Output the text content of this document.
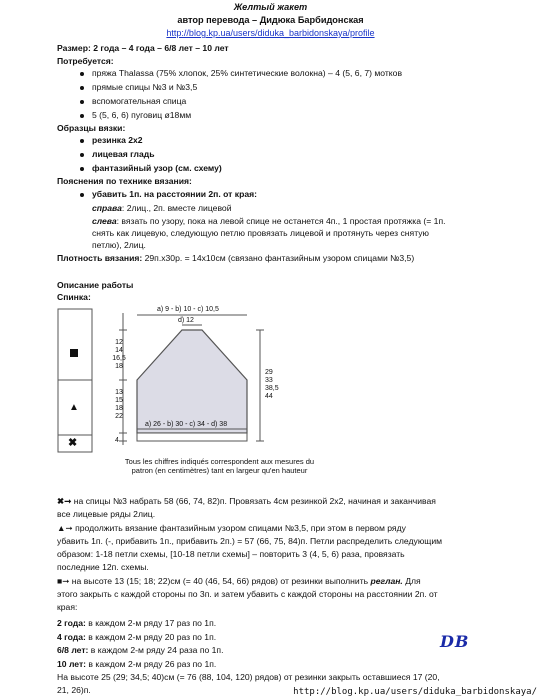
Желтый жакет
автор перевода – Дидюка Барбидонская
http://blog.kp.ua/users/diduka_barbidonskaya/profile
Размер: 2 года – 4 года – 6/8 лет – 10 лет
Потребуется:
пряжа Thalassa (75% хлопок, 25% синтетические волокна) – 4 (5, 6, 7) мотков
прямые спицы №3 и №3,5
вспомогательная спица
5 (5, 6, 6) пуговиц ø18мм
Образцы вязки:
резинка 2х2
лицевая гладь
фантазийный узор (см. схему)
Пояснения по технике вязания:
убавить 1п. на расстоянии 2п. от края:
справа: 2лиц., 2п. вместе лицевой
слева: вязать по узору, пока на левой спице не останется 4п., 1 простая протяжка (= 1п.
снять как лицевую, следующую петлю провязать лицевой и протянуть через снятую
петлю), 2лиц.
Плотность вязания: 29п.х30р. = 14х10см (связано фантазийным узором спицами №3,5)
Описание работы
Спинка:
▲
✖
a) 9 - b) 10 - c) 10,5
d) 12
12
14
16,5
18
13
15
18
22
4
29
33
38,5
44
a) 26 - b) 30 - c) 34 - d) 38
Tous les chiffres indiqués correspondent aux mesures du
patron (en centimètres) tant en largeur qu'en hauteur
✖➞ на спицы №3 набрать 58 (66, 74, 82)п. Провязать 4см резинкой 2х2, начиная и заканчивая
все лицевые ряды 2лиц.
▲➞ продолжить вязание фантазийным узором спицами №3,5, при этом в первом ряду
убавить 1п. (-, прибавить 1п., прибавить 2п.) = 57 (66, 75, 84)п. Петли распределить следующим
образом: 1-18 петли схемы, [10-18 петли схемы] – повторить 3 (4, 5, 6) раза, провязать
последние 12п. схемы.
■➞ на высоте 13 (15; 18; 22)см (= 40 (46, 54, 66) рядов) от резинки выполнить реглан. Для
этого закрыть с каждой стороны по 3п. и затем убавить с каждой стороны на расстоянии 2п. от
края:
2 года: в каждом 2-м ряду 17 раз по 1п.
4 года: в каждом 2-м ряду 20 раз по 1п.
6/8 лет: в каждом 2-м ряду 24 раза по 1п.
10 лет: в каждом 2-м ряду 26 раз по 1п.
На высоте 25 (29; 34,5; 40)см (= 76 (88, 104, 120) рядов) от резинки закрыть оставшиеся 17 (20,
21, 26)п.
DB
http://blog.kp.ua/users/diduka_barbidonskaya/
